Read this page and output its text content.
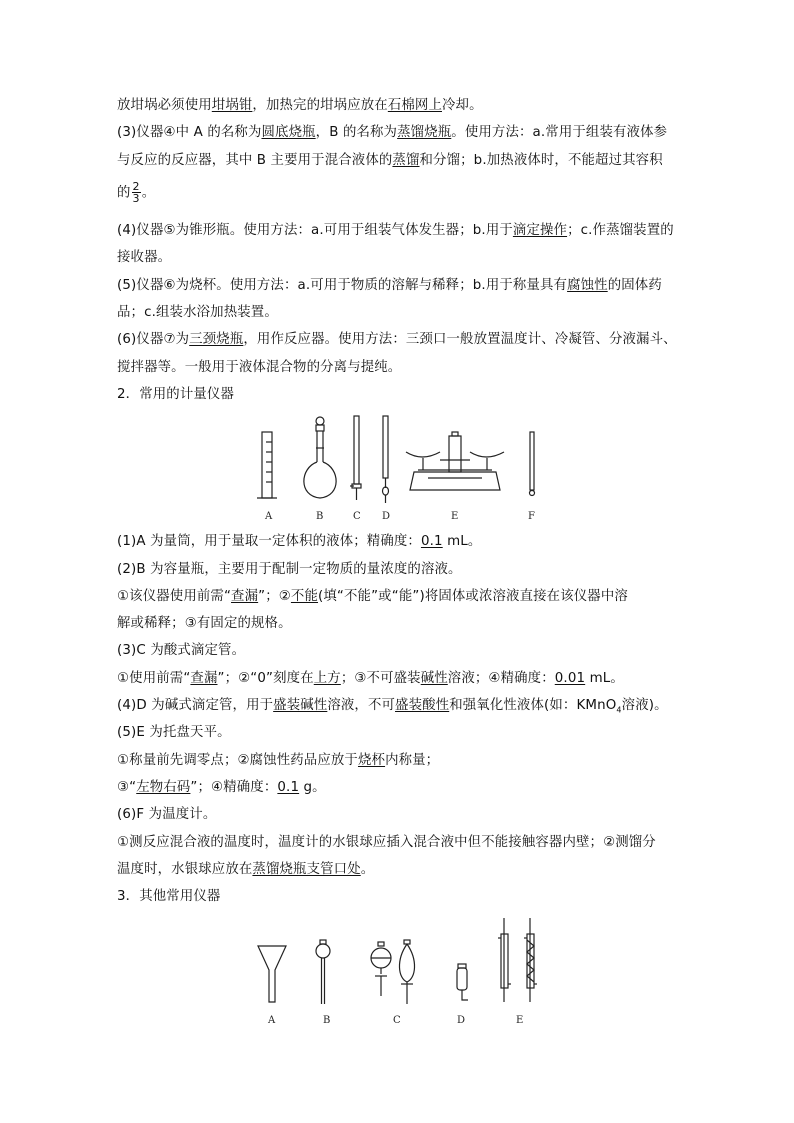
放坩埚必须使用坩埚钳，加热完的坩埚应放在石棉网上冷却。
(3)仪器④中 A 的名称为圆底烧瓶，B 的名称为蒸馏烧瓶。使用方法：a.常用于组装有液体参
与反应的反应器，其中 B 主要用于混合液体的蒸馏和分馏；b.加热液体时，不能超过其容积
的 $\frac{2}{3}$ 。
(4)仪器⑤为锥形瓶。使用方法：a.可用于组装气体发生器；b.用于滴定操作；c.作蒸馏装置的
接收器。
(5)仪器⑥为烧杯。使用方法：a.可用于物质的溶解与稀释；b.用于称量具有腐蚀性的固体药
品；c.组装水浴加热装置。
(6)仪器⑦为三颈烧瓶，用作反应器。使用方法：三颈口一般放置温度计、冷凝管、分液漏斗、
搅拌器等。一般用于液体混合物的分离与提纯。
2．常用的计量仪器
A	B	C D	E	F
(1)A 为量筒，用于量取一定体积的液体；精确度：0.1 mL。
(2)B 为容量瓶，主要用于配制一定物质的量浓度的溶液。
①该仪器使用前需“查漏”；②不能(填“不能”或“能”)将固体或浓溶液直接在该仪器中溶
解或稀释；③有固定的规格。
(3)C 为酸式滴定管。
①使用前需“查漏”；②“0”刻度在上方；③不可盛装碱性溶液；④精确度：0.01 mL。
(4)D 为碱式滴定管，用于盛装碱性溶液，不可盛装酸性和强氧化性液体(如：KMnO$_4$溶液)。
(5)E 为托盘天平。
①称量前先调零点；②腐蚀性药品应放于烧杯内称量；
③“左物右码”；④精确度：0.1 g。
(6)F 为温度计。
①测反应混合液的温度时，温度计的水银球应插入混合液中但不能接触容器内壁；②测馏分
温度时，水银球应放在蒸馏烧瓶支管口处。
3．其他常用仪器
A	B	C	D	E
